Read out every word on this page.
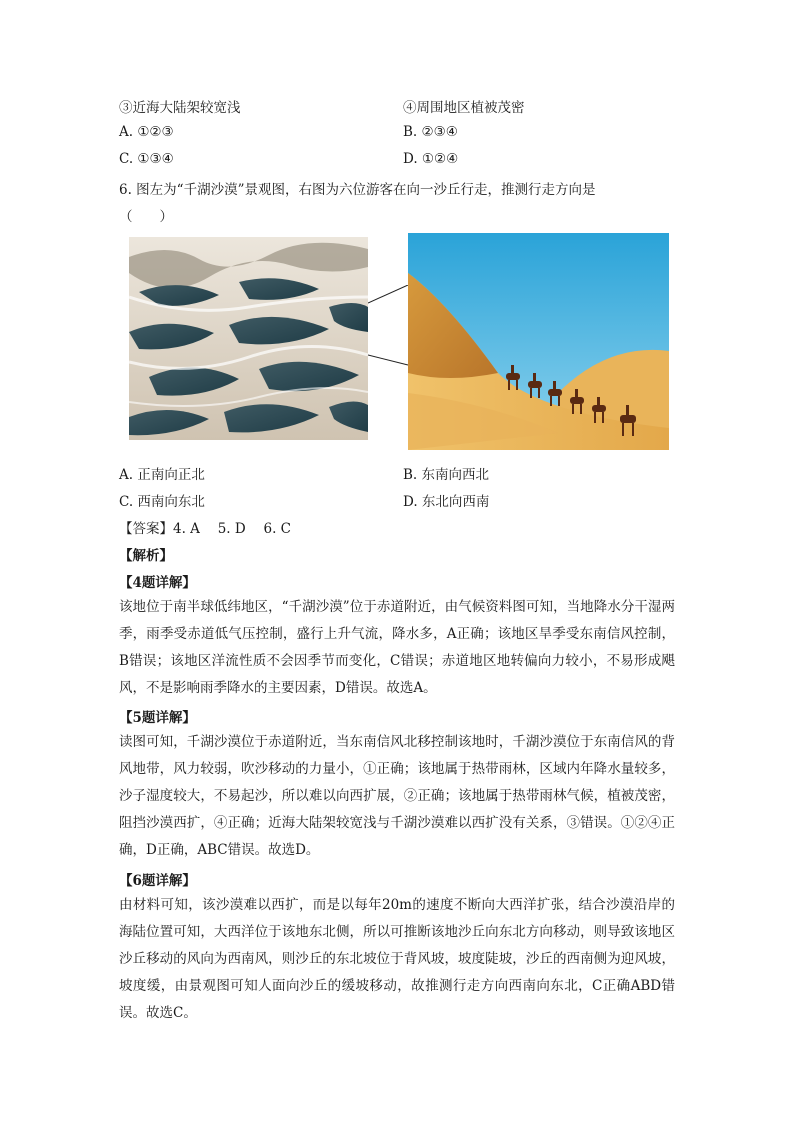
③近海大陆架较宽浅	④周围地区植被茂密
A. ①②③	B. ②③④
C. ①③④	D. ①②④
6. 图左为“千湖沙漠”景观图，右图为六位游客在向一沙丘行走，推测行走方向是
（　　）
A. 正南向正北	B. 东南向西北
C. 西南向东北	D. 东北向西南
【答案】4. A　 5. D　 6. C
【解析】
【4题详解】
该地位于南半球低纬地区，“千湖沙漠”位于赤道附近，由气候资料图可知，当地降水分干湿两季，雨季受赤道低气压控制，盛行上升气流，降水多，A正确；该地区旱季受东南信风控制，B错误；该地区洋流性质不会因季节而变化，C错误；赤道地区地转偏向力较小，不易形成飓风，不是影响雨季降水的主要因素，D错误。故选A。
【5题详解】
读图可知，千湖沙漠位于赤道附近，当东南信风北移控制该地时，千湖沙漠位于东南信风的背风地带，风力较弱，吹沙移动的力量小，①正确；该地属于热带雨林，区域内年降水量较多，沙子湿度较大，不易起沙，所以难以向西扩展，②正确；该地属于热带雨林气候，植被茂密，阻挡沙漠西扩，④正确；近海大陆架较宽浅与千湖沙漠难以西扩没有关系，③错误。①②④正确，D正确，ABC错误。故选D。
【6题详解】
由材料可知，该沙漠难以西扩，而是以每年20m的速度不断向大西洋扩张，结合沙漠沿岸的海陆位置可知，大西洋位于该地东北侧，所以可推断该地沙丘向东北方向移动，则导致该地区沙丘移动的风向为西南风，则沙丘的东北坡位于背风坡，坡度陡坡，沙丘的西南侧为迎风坡，坡度缓，由景观图可知人面向沙丘的缓坡移动，故推测行走方向西南向东北，C正确ABD错误。故选C。
